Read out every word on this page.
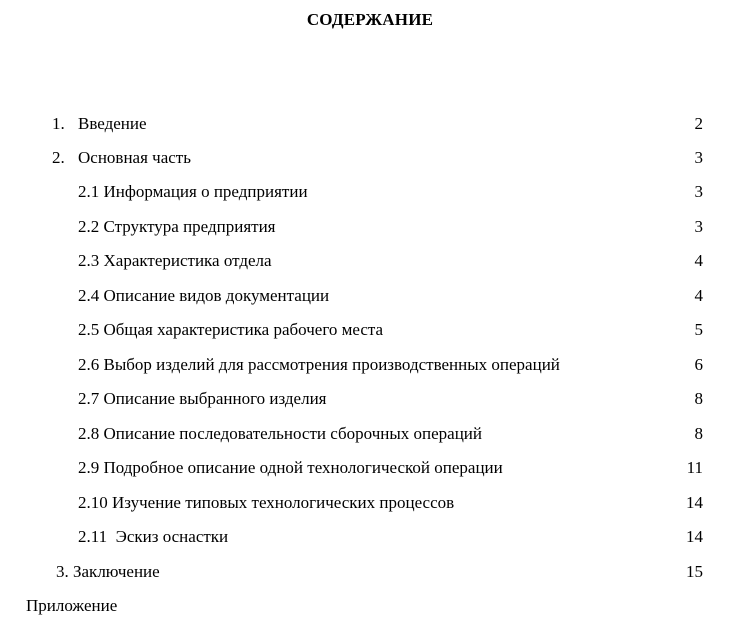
СОДЕРЖАНИЕ
1. Введение	2
2. Основная часть	3
2.1 Информация о предприятии	3
2.2 Структура предприятия	3
2.3 Характеристика отдела	4
2.4 Описание видов документации	4
2.5 Общая характеристика рабочего места	5
2.6 Выбор изделий для рассмотрения производственных операций	6
2.7 Описание выбранного изделия	8
2.8 Описание последовательности сборочных операций	8
2.9 Подробное описание одной технологической операции	11
2.10 Изучение типовых технологических процессов	14
2.11  Эскиз оснастки	14
3. Заключение	15
Приложение
